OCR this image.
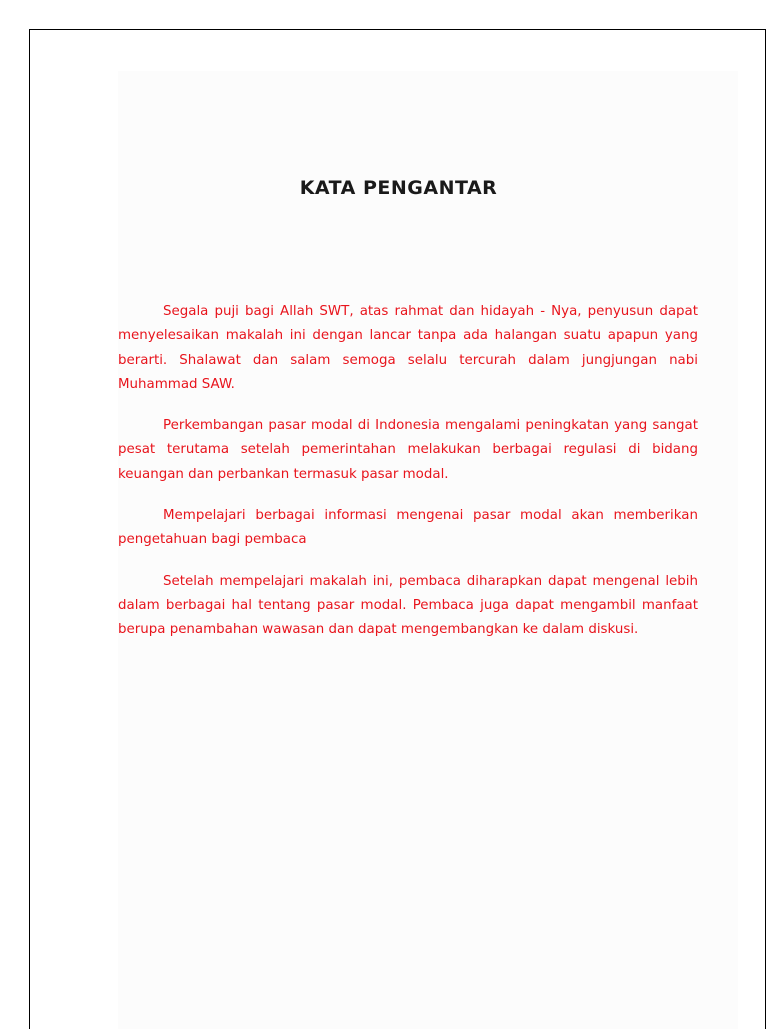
KATA PENGANTAR

Segala puji bagi Allah SWT, atas rahmat dan hidayah - Nya, penyusun dapat menyelesaikan makalah ini dengan lancar tanpa ada halangan suatu apapun yang berarti. Shalawat dan salam semoga selalu tercurah dalam jungjungan nabi Muhammad SAW.

Perkembangan pasar modal di Indonesia mengalami peningkatan yang sangat pesat terutama setelah pemerintahan melakukan berbagai regulasi di bidang keuangan dan perbankan termasuk pasar modal.

Mempelajari berbagai informasi mengenai pasar modal akan memberikan pengetahuan bagi pembaca

Setelah mempelajari makalah ini, pembaca diharapkan dapat mengenal lebih dalam berbagai hal tentang pasar modal. Pembaca juga dapat mengambil manfaat berupa penambahan wawasan dan dapat mengembangkan ke dalam diskusi.
